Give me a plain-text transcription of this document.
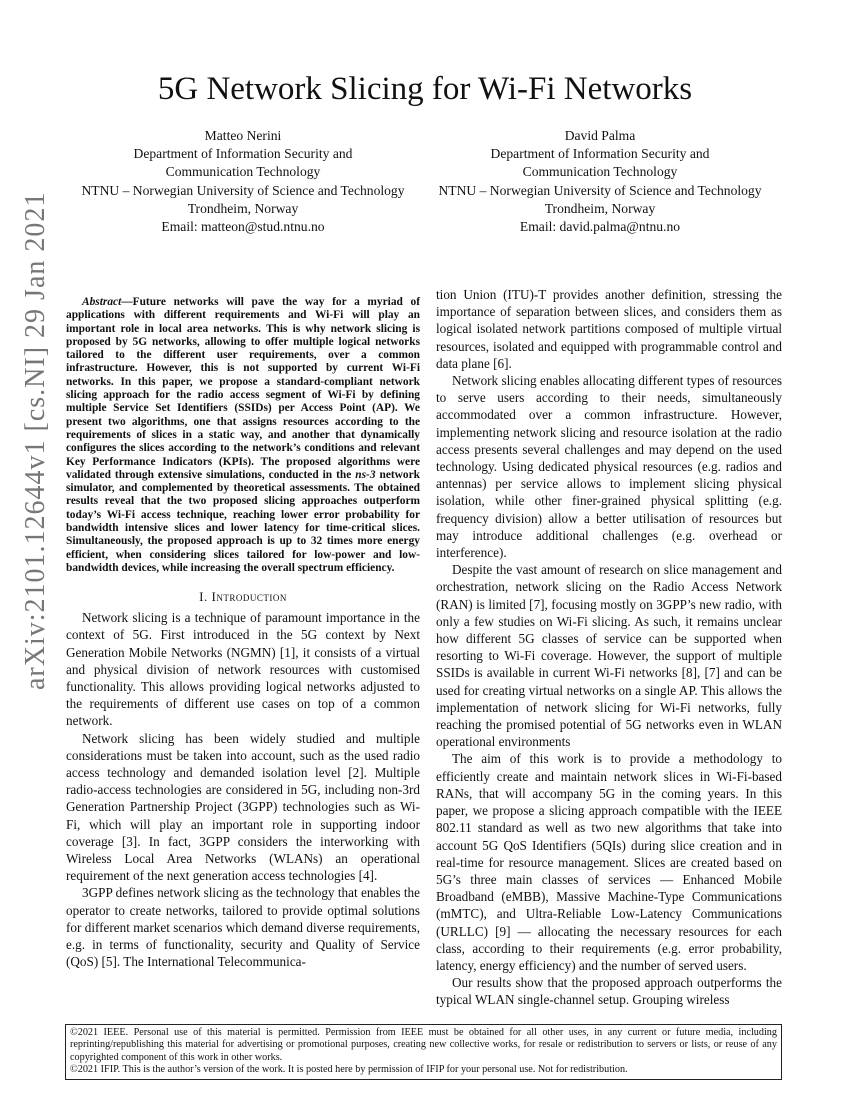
arXiv:2101.12644v1 [cs.NI] 29 Jan 2021
5G Network Slicing for Wi-Fi Networks
Matteo Nerini
Department of Information Security and
Communication Technology
NTNU – Norwegian University of Science and Technology
Trondheim, Norway
Email: matteon@stud.ntnu.no
David Palma
Department of Information Security and
Communication Technology
NTNU – Norwegian University of Science and Technology
Trondheim, Norway
Email: david.palma@ntnu.no

Abstract—Future networks will pave the way for a myriad of applications with different requirements and Wi-Fi will play an important role in local area networks. This is why network slicing is proposed by 5G networks, allowing to offer multiple logical networks tailored to the different user requirements, over a common infrastructure. However, this is not supported by current Wi-Fi networks. In this paper, we propose a standard-compliant network slicing approach for the radio access segment of Wi-Fi by defining multiple Service Set Identifiers (SSIDs) per Access Point (AP). We present two algorithms, one that assigns resources according to the requirements of slices in a static way, and another that dynamically configures the slices according to the network’s conditions and relevant Key Performance Indicators (KPIs). The proposed algorithms were validated through extensive simulations, conducted in the ns-3 network simulator, and complemented by theoretical assessments. The obtained results reveal that the two proposed slicing approaches outperform today’s Wi-Fi access technique, reaching lower error probability for bandwidth intensive slices and lower latency for time-critical slices. Simultaneously, the proposed approach is up to 32 times more energy efficient, when considering slices tailored for low-power and low-bandwidth devices, while increasing the overall spectrum efficiency.

I. Introduction

Network slicing is a technique of paramount importance in the context of 5G. First introduced in the 5G context by Next Generation Mobile Networks (NGMN) [1], it consists of a virtual and physical division of network resources with customised functionality. This allows providing logical networks adjusted to the requirements of different use cases on top of a common network.

Network slicing has been widely studied and multiple considerations must be taken into account, such as the used radio access technology and demanded isolation level [2]. Multiple radio-access technologies are considered in 5G, including non-3rd Generation Partnership Project (3GPP) technologies such as Wi-Fi, which will play an important role in supporting indoor coverage [3]. In fact, 3GPP considers the interworking with Wireless Local Area Networks (WLANs) an operational requirement of the next generation access technologies [4].

3GPP defines network slicing as the technology that enables the operator to create networks, tailored to provide optimal solutions for different market scenarios which demand diverse requirements, e.g. in terms of functionality, security and Quality of Service (QoS) [5]. The International Telecommunica-

tion Union (ITU)-T provides another definition, stressing the importance of separation between slices, and considers them as logical isolated network partitions composed of multiple virtual resources, isolated and equipped with programmable control and data plane [6].

Network slicing enables allocating different types of resources to serve users according to their needs, simultaneously accommodated over a common infrastructure. However, implementing network slicing and resource isolation at the radio access presents several challenges and may depend on the used technology. Using dedicated physical resources (e.g. radios and antennas) per service allows to implement slicing physical isolation, while other finer-grained physical splitting (e.g. frequency division) allow a better utilisation of resources but may introduce additional challenges (e.g. overhead or interference).

Despite the vast amount of research on slice management and orchestration, network slicing on the Radio Access Network (RAN) is limited [7], focusing mostly on 3GPP’s new radio, with only a few studies on Wi-Fi slicing. As such, it remains unclear how different 5G classes of service can be supported when resorting to Wi-Fi coverage. However, the support of multiple SSIDs is available in current Wi-Fi networks [8], [7] and can be used for creating virtual networks on a single AP. This allows the implementation of network slicing for Wi-Fi networks, fully reaching the promised potential of 5G networks even in WLAN operational environments

The aim of this work is to provide a methodology to efficiently create and maintain network slices in Wi-Fi-based RANs, that will accompany 5G in the coming years. In this paper, we propose a slicing approach compatible with the IEEE 802.11 standard as well as two new algorithms that take into account 5G QoS Identifiers (5QIs) during slice creation and in real-time for resource management. Slices are created based on 5G’s three main classes of services — Enhanced Mobile Broadband (eMBB), Massive Machine-Type Communications (mMTC), and Ultra-Reliable Low-Latency Communications (URLLC) [9] — allocating the necessary resources for each class, according to their requirements (e.g. error probability, latency, energy efficiency) and the number of served users.

Our results show that the proposed approach outperforms the typical WLAN single-channel setup. Grouping wireless

©2021 IEEE. Personal use of this material is permitted. Permission from IEEE must be obtained for all other uses, in any current or future media, including reprinting/republishing this material for advertising or promotional purposes, creating new collective works, for resale or redistribution to servers or lists, or reuse of any copyrighted component of this work in other works.

©2021 IFIP. This is the author’s version of the work. It is posted here by permission of IFIP for your personal use. Not for redistribution.
